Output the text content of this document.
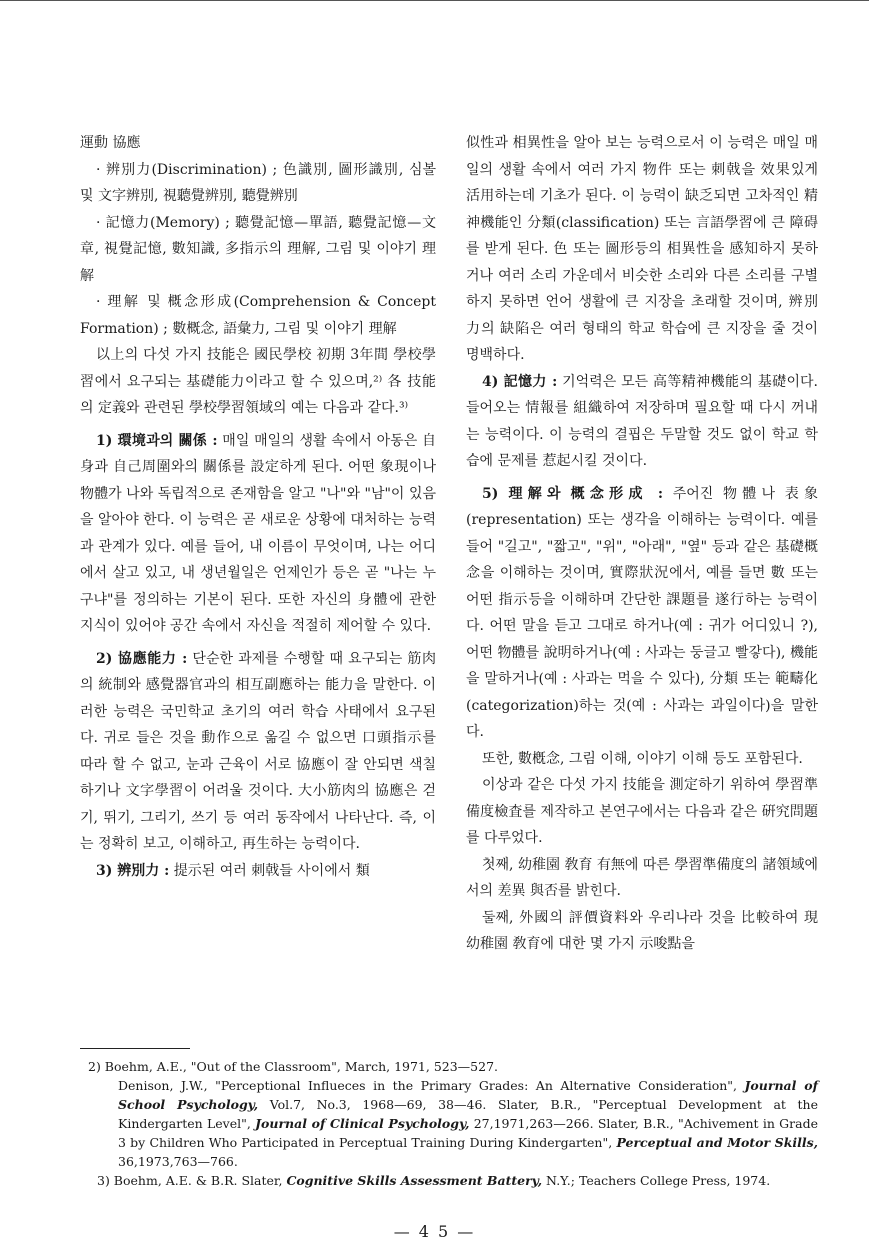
運動 協應

· 辨別力(Discrimination) ; 色識別, 圖形識別, 심볼 및 文字辨別, 視聽覺辨別, 聽覺辨別

· 記憶力(Memory) ; 聽覺記憶—單語, 聽覺記憶—文章, 視覺記憶, 數知識, 多指示의 理解, 그림 및 이야기 理解

· 理解 및 概念形成(Comprehension & Concept Formation) ; 數概念, 語彙力, 그림 및 이야기 理解

以上의 다섯 가지 技能은 國民學校 初期 3年間 學校學習에서 요구되는 基礎能力이라고 할 수 있으며,²⁾ 各 技能의 定義와 관련된 學校學習領域의 예는 다음과 같다.³⁾

1) 環境과의 關係 : 매일 매일의 생활 속에서 아동은 自身과 自己周圍와의 關係를 設定하게 된다. 어떤 象現이나 物體가 나와 독립적으로 존재함을 알고 "나"와 "남"이 있음을 알아야 한다. 이 능력은 곧 새로운 상황에 대처하는 능력과 관계가 있다. 예를 들어, 내 이름이 무엇이며, 나는 어디에서 살고 있고, 내 생년월일은 언제인가 등은 곧 "나는 누구냐"를 정의하는 기본이 된다. 또한 자신의 身體에 관한 지식이 있어야 공간 속에서 자신을 적절히 제어할 수 있다.

2) 協應能力 : 단순한 과제를 수행할 때 요구되는 筋肉의 統制와 感覺器官과의 相互副應하는 能力을 말한다. 이러한 능력은 국민학교 초기의 여러 학습 사태에서 요구된다. 귀로 들은 것을 動作으로 옮길 수 없으면 口頭指示를 따라 할 수 없고, 눈과 근육이 서로 協應이 잘 안되면 색칠하기나 文字學習이 어려울 것이다. 大小筋肉의 協應은 걷기, 뛰기, 그리기, 쓰기 등 여러 동작에서 나타난다. 즉, 이는 정확히 보고, 이해하고, 再生하는 능력이다.

3) 辨別力 : 提示된 여러 刺戟들 사이에서 類

似性과 相異性을 알아 보는 능력으로서 이 능력은 매일 매일의 생활 속에서 여러 가지 物件 또는 刺戟을 效果있게 活用하는데 기초가 된다. 이 능력이 缺乏되면 고차적인 精神機能인 分類(classification) 또는 言語學習에 큰 障碍를 받게 된다. 色 또는 圖形등의 相異性을 感知하지 못하거나 여러 소리 가운데서 비슷한 소리와 다른 소리를 구별하지 못하면 언어 생활에 큰 지장을 초래할 것이며, 辨別力의 缺陷은 여러 형태의 학교 학습에 큰 지장을 줄 것이 명백하다.

4) 記憶力 : 기억력은 모든 高等精神機能의 基礎이다. 들어오는 情報를 組織하여 저장하며 필요할 때 다시 꺼내는 능력이다. 이 능력의 결핍은 두말할 것도 없이 학교 학습에 문제를 惹起시킬 것이다.

5) 理解와 概念形成 : 주어진 物體나 表象(representation) 또는 생각을 이해하는 능력이다. 예를 들어 "길고", "짧고", "위", "아래", "옆" 등과 같은 基礎概念을 이해하는 것이며, 實際狀況에서, 예를 들면 數 또는 어떤 指示등을 이해하며 간단한 課題를 遂行하는 능력이다. 어떤 말을 듣고 그대로 하거나(예 : 귀가 어디있니 ?), 어떤 物體를 說明하거나(예 : 사과는 둥글고 빨갛다), 機能을 말하거나(예 : 사과는 먹을 수 있다), 分類 또는 範疇化(categorization)하는 것(예 : 사과는 과일이다)을 말한다.

또한, 數槪念, 그림 이해, 이야기 이해 등도 포함된다.

이상과 같은 다섯 가지 技能을 測定하기 위하여 學習準備度檢査를 제작하고 본연구에서는 다음과 같은 硏究問題를 다루었다.

첫째, 幼稚園 敎育 有無에 따른 學習準備度의 諸領域에서의 差異 與否를 밝힌다.

둘째, 外國의 評價資料와 우리나라 것을 比較하여 現 幼稚園 敎育에 대한 몇 가지 示唆點을

2) Boehm, A.E., "Out of the Classroom", March, 1971, 523—527.

Denison, J.W., "Perceptional Influeces in the Primary Grades: An Alternative Consideration", Journal of School Psychology, Vol.7, No.3, 1968—69, 38—46. Slater, B.R., "Perceptual Development at the Kindergarten Level", Journal of Clinical Psychology, 27,1971,263—266. Slater, B.R., "Achivement in Grade 3 by Children Who Participated in Perceptual Training During Kindergarten", Perceptual and Motor Skills, 36,1973,763—766.

3) Boehm, A.E. & B.R. Slater, Cognitive Skills Assessment Battery, N.Y.; Teachers College Press, 1974.

— 4 5 —
